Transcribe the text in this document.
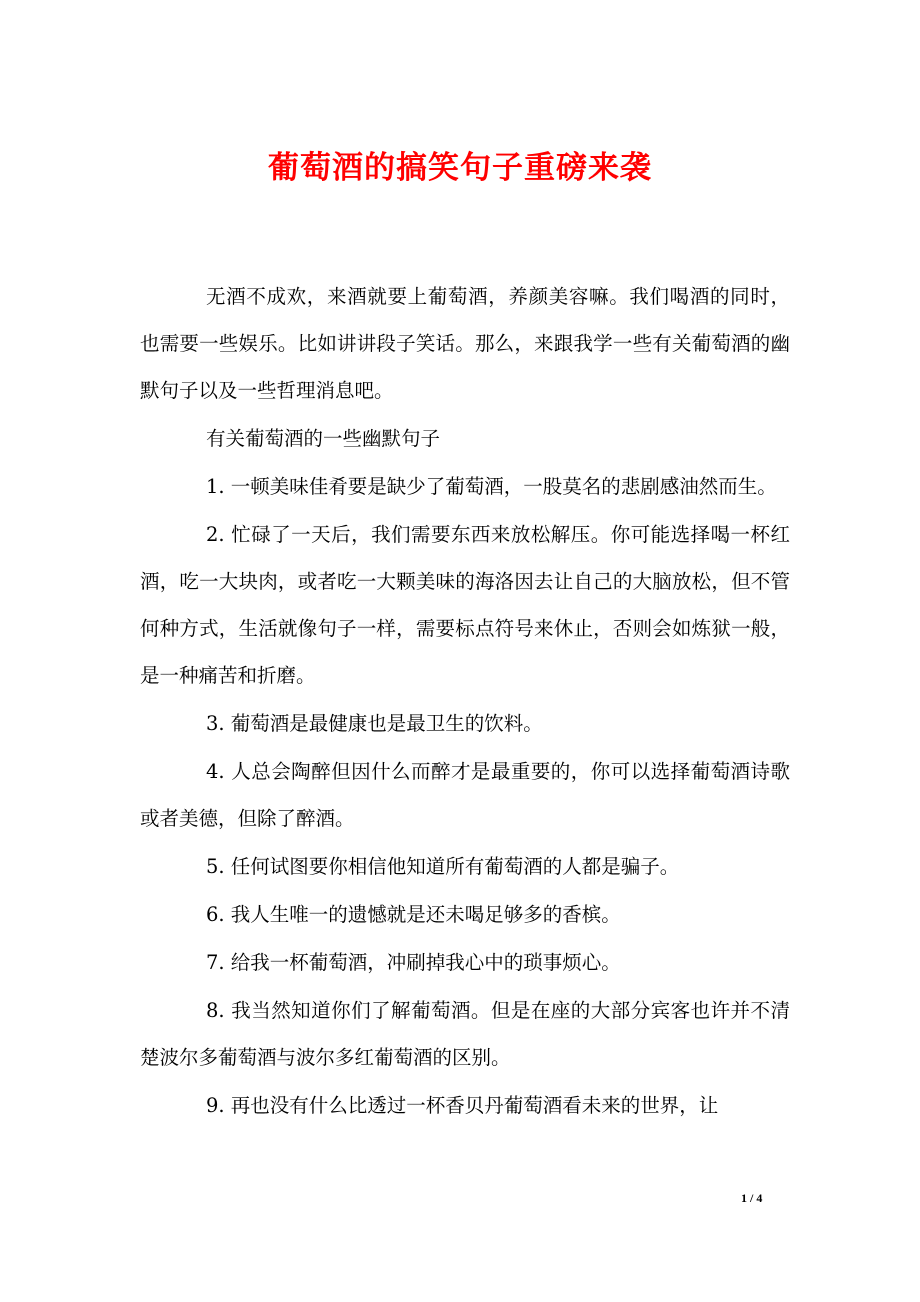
葡萄酒的搞笑句子重磅来袭

无酒不成欢，来酒就要上葡萄酒，养颜美容嘛。我们喝酒的同时，也需要一些娱乐。比如讲讲段子笑话。那么，来跟我学一些有关葡萄酒的幽默句子以及一些哲理消息吧。

有关葡萄酒的一些幽默句子

1. 一顿美味佳肴要是缺少了葡萄酒，一股莫名的悲剧感油然而生。

2. 忙碌了一天后，我们需要东西来放松解压。你可能选择喝一杯红酒，吃一大块肉，或者吃一大颗美味的海洛因去让自己的大脑放松，但不管何种方式，生活就像句子一样，需要标点符号来休止，否则会如炼狱一般，是一种痛苦和折磨。

3. 葡萄酒是最健康也是最卫生的饮料。

4. 人总会陶醉但因什么而醉才是最重要的，你可以选择葡萄酒诗歌或者美德，但除了醉酒。

5. 任何试图要你相信他知道所有葡萄酒的人都是骗子。

6. 我人生唯一的遗憾就是还未喝足够多的香槟。

7. 给我一杯葡萄酒，冲刷掉我心中的琐事烦心。

8. 我当然知道你们了解葡萄酒。但是在座的大部分宾客也许并不清楚波尔多葡萄酒与波尔多红葡萄酒的区别。

9. 再也没有什么比透过一杯香贝丹葡萄酒看未来的世界，让

1 / 4
